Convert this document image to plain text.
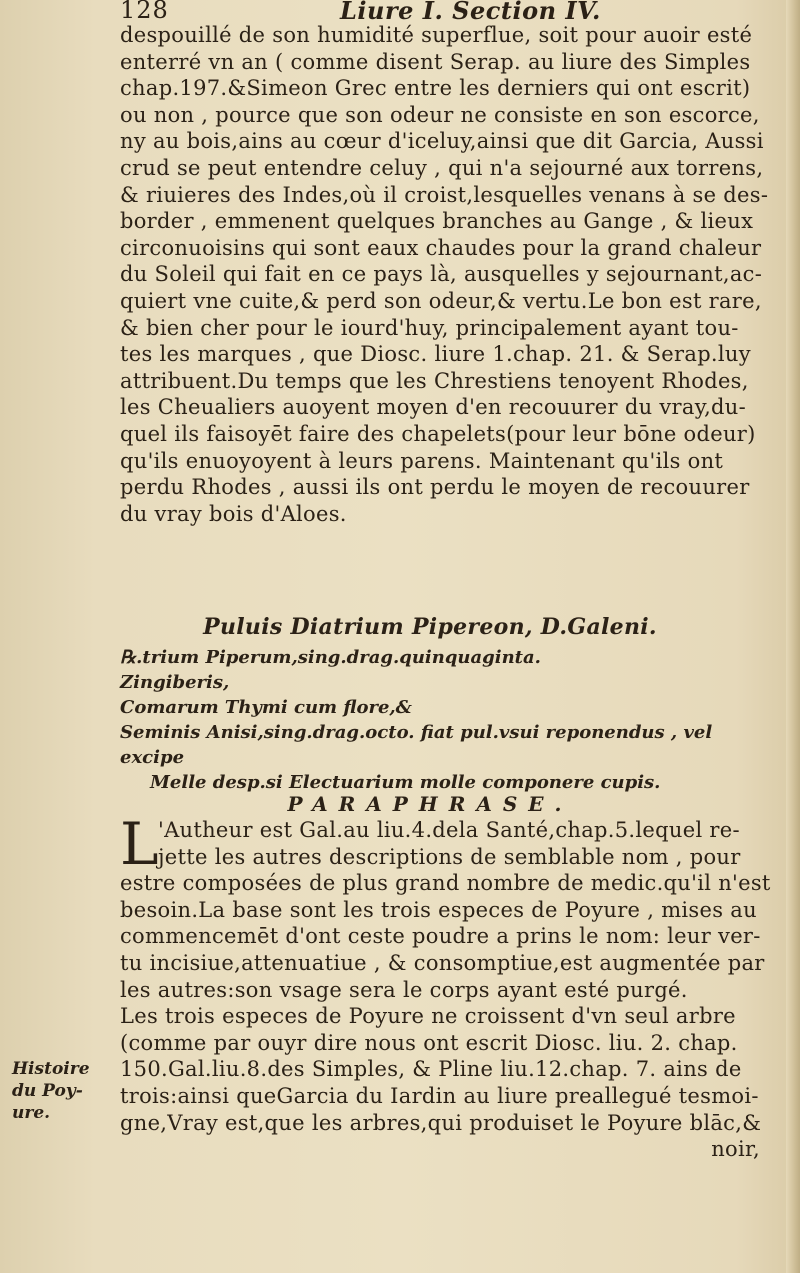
128	Liure I. Section IV.
despouillé de son humidité superflue, soit pour auoir esté
enterré vn an ( comme disent Serap. au liure des Simples
chap.197.&Simeon Grec entre les derniers qui ont escrit)
ou non , pource que son odeur ne consiste en son escorce,
ny au bois,ains au cœur d'iceluy,ainsi que dit Garcia, Aussi
crud se peut entendre celuy , qui n'a sejourné aux torrens,
& riuieres des Indes,où il croist,lesquelles venans à se des-
border , emmenent quelques branches au Gange , & lieux
circonuoisins qui sont eaux chaudes pour la grand chaleur
du Soleil qui fait en ce pays là, ausquelles y sejournant,ac-
quiert vne cuite,& perd son odeur,& vertu.Le bon est rare,
& bien cher pour le iourd'huy, principalement ayant tou-
tes les marques , que Diosc. liure 1.chap. 21. & Serap.luy
attribuent.Du temps que les Chrestiens tenoyent Rhodes,
les Cheualiers auoyent moyen d'en recouurer du vray,du-
quel ils faisoyēt faire des chapelets(pour leur bōne odeur)
qu'ils enuoyoyent à leurs parens. Maintenant qu'ils ont
perdu Rhodes , aussi ils ont perdu le moyen de recouurer
du vray bois d'Aloes.
Puluis Diatrium Pipereon, D.Galeni.
℞.trium Piperum,sing.drag.quinquaginta.
Zingiberis,
Comarum Thymi cum flore,&
Seminis Anisi,sing.drag.octo. fiat pul.vsui reponendus , vel excipe
Melle desp.si Electuarium molle componere cupis.
PARAPHRASE.
L 'Autheur est Gal.au liu.4.dela Santé,chap.5.lequel re-
jette les autres descriptions de semblable nom , pour
estre composées de plus grand nombre de medic.qu'il n'est
besoin.La base sont les trois especes de Poyure , mises au
commencemēt d'ont ceste poudre a prins le nom: leur ver-
tu incisiue,attenuatiue , & consomptiue,est augmentée par
les autres:son vsage sera le corps ayant esté purgé.
Les trois especes de Poyure ne croissent d'vn seul arbre
(comme par ouyr dire nous ont escrit Diosc. liu. 2. chap.
150.Gal.liu.8.des Simples, & Pline liu.12.chap. 7. ains de
trois:ainsi queGarcia du Iardin au liure preallegué tesmoi-
gne,Vray est,que les arbres,qui produiset le Poyure blāc,&
noir,
Histoire du Poy-ure.
